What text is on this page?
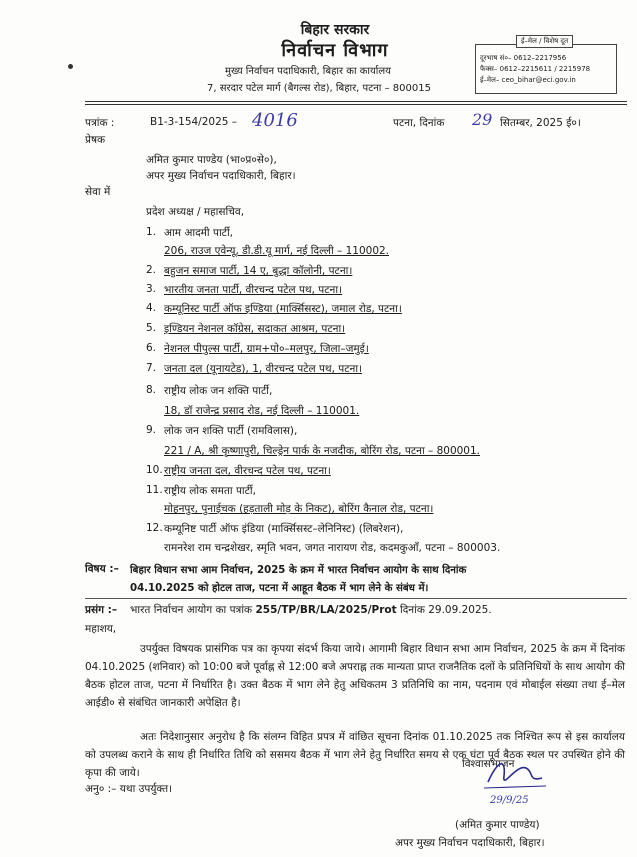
बिहार सरकार
निर्वाचन विभाग
मुख्य निर्वाचन पदाधिकारी, बिहार का कार्यालय
7, सरदार पटेल मार्ग (बैगल्स रोड), बिहार, पटना – 800015
ई–मेल / विशेष दूत
दूरभाष सं०– 0612–2217956
फैक्स– 0612–2215611 / 2215978
ई–मेल– ceo_bihar@eci.gov.in
पत्रांक :	B1-3-154/2025 – 4016	पटना, दिनांक 29 सितम्बर, 2025 ई०।
प्रेषक
अमित कुमार पाण्डेय (भा०प्र०से०),
अपर मुख्य निर्वाचन पदाधिकारी, बिहार।
सेवा में
प्रदेश अध्यक्ष / महासचिव,
1. आम आदमी पार्टी,
206, राउज एवेन्यू, डी.डी.यू मार्ग, नई दिल्ली – 110002.
2. बहुजन समाज पार्टी, 14 ए, बुद्धा कॉलोनी, पटना।
3. भारतीय जनता पार्टी, वीरचन्द पटेल पथ, पटना।
4. कम्यूनिस्ट पार्टी ऑफ इण्डिया (मार्क्सिसस्ट), जमाल रोड, पटना।
5. इण्डियन नेशनल कॉग्रेस, सदाकत आश्रम, पटना।
6. नेशनल पीपुल्स पार्टी, ग्राम+पो०–मलपुर, जिला–जमुई।
7. जनता दल (यूनायटेड), 1, वीरचन्द पटेल पथ, पटना।
8. राष्ट्रीय लोक जन शक्ति पार्टी,
18, डॉ राजेन्द्र प्रसाद रोड, नई दिल्ली – 110001.
9. लोक जन शक्ति पार्टी (रामविलास),
221 / A, श्री कृष्णापुरी, चिल्ड्रेन पार्क के नजदीक, बोरिंग रोड, पटना – 800001.
10. राष्ट्रीय जनता दल, वीरचन्द पटेल पथ, पटना।
11. राष्ट्रीय लोक समता पार्टी,
मोहनपुर, पुनाईचक (हड़ताली मोड़ के निकट), बोरिंग कैनाल रोड, पटना।
12. कम्यूनिष्ट पार्टी ऑफ इंडिया (मार्क्सिसस्ट–लेनिनिस्ट) (लिबरेशन),
रामनरेश राम चन्द्रशेखर, स्मृति भवन, जगत नारायण रोड, कदमकुआँ, पटना – 800003.
विषय :– बिहार विधान सभा आम निर्वाचन, 2025 के क्रम में भारत निर्वाचन आयोग के साथ दिनांक
04.10.2025 को होटल ताज, पटना में आहूत बैठक में भाग लेने के संबंध में।
प्रसंग :– भारत निर्वाचन आयोग का पत्रांक 255/TP/BR/LA/2025/Prot दिनांक 29.09.2025.
महाशय,
उपर्युक्त विषयक प्रासंगिक पत्र का कृपया संदर्भ किया जाये। आगामी बिहार विधान सभा आम निर्वाचन, 2025 के क्रम में दिनांक 04.10.2025 (शनिवार) को 10:00 बजे पूर्वाह्न से 12:00 बजे अपराह्न तक मान्यता प्राप्त राजनैतिक दलों के प्रतिनिधियों के साथ आयोग की बैठक होटल ताज, पटना में निर्धारित है। उक्त बैठक में भाग लेने हेतु अधिकतम 3 प्रतिनिधि का नाम, पदनाम एवं मोबाईल संख्या तथा ई–मेल आईडी० से संबंधित जानकारी अपेक्षित है।
अतः निदेशानुसार अनुरोध है कि संलग्न विहित प्रपत्र में वांछित सूचना दिनांक 01.10.2025 तक निश्चित रूप से इस कार्यालय को उपलब्ध कराने के साथ ही निर्धारित तिथि को ससमय बैठक में भाग लेने हेतु निर्धारित समय से एक घंटा पूर्व बैठक स्थल पर उपस्थित होने की कृपा की जाये।
अनु० :– यथा उपर्युक्त।
विश्वासभाजन
29/9/25
(अमित कुमार पाण्डेय)
अपर मुख्य निर्वाचन पदाधिकारी, बिहार।
